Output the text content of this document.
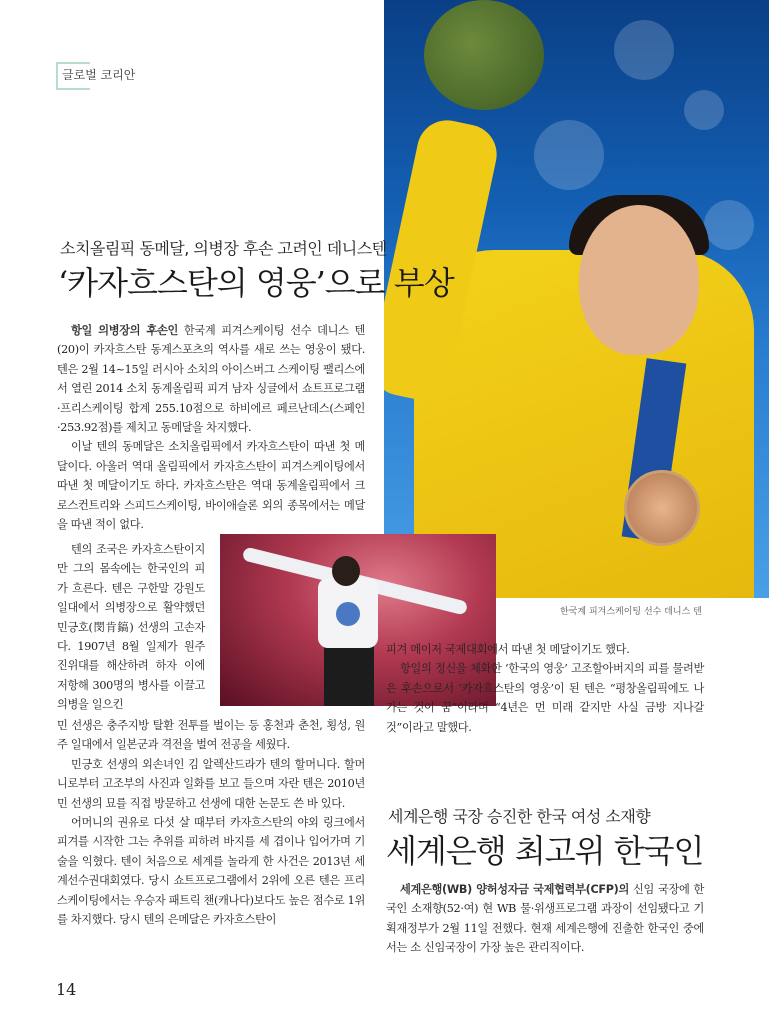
글로벌 코리안
한국계 피겨스케이팅 선수 데니스 텐
소치올림픽 동메달, 의병장 후손 고려인 데니스텐
‘카자흐스탄의 영웅’으로 부상

항일 의병장의 후손인 한국계 피겨스케이팅 선수 데니스 텐(20)이 카자흐스탄 동계스포츠의 역사를 새로 쓰는 영웅이 됐다. 텐은 2월 14~15일 러시아 소치의 아이스버그 스케이팅 팰리스에서 열린 2014 소치 동계올림픽 피겨 남자 싱글에서 쇼트프로그램·프리스케이팅 합계 255.10점으로 하비에르 페르난데스(스페인·253.92점)를 제치고 동메달을 차지했다.

이날 텐의 동메달은 소치올림픽에서 카자흐스탄이 따낸 첫 메달이다. 아울러 역대 올림픽에서 카자흐스탄이 피겨스케이팅에서 따낸 첫 메달이기도 하다. 카자흐스탄은 역대 동계올림픽에서 크로스컨트리와 스피드스케이팅, 바이애슬론 외의 종목에서는 메달을 따낸 적이 없다.

텐의 조국은 카자흐스탄이지만 그의 몸속에는 한국인의 피가 흐른다. 텐은 구한말 강원도 일대에서 의병장으로 활약했던 민긍호(閔肯鎬) 선생의 고손자다. 1907년 8월 일제가 원주 진위대를 해산하려 하자 이에 저항해 300명의 병사를 이끌고 의병을 일으킨

민 선생은 충주지방 탈환 전투를 벌이는 등 홍천과 춘천, 횡성, 원주 일대에서 일본군과 격전을 벌여 전공을 세웠다.

민긍호 선생의 외손녀인 김 알렉산드라가 텐의 할머니다. 할머니로부터 고조부의 사진과 일화를 보고 들으며 자란 텐은 2010년 민 선생의 묘를 직접 방문하고 선생에 대한 논문도 쓴 바 있다.

어머니의 권유로 다섯 살 때부터 카자흐스탄의 야외 링크에서 피겨를 시작한 그는 추위를 피하려 바지를 세 겹이나 입어가며 기술을 익혔다. 텐이 처음으로 세계를 놀라게 한 사건은 2013년 세계선수권대회였다. 당시 쇼트프로그램에서 2위에 오른 텐은 프리스케이팅에서는 우승자 패트릭 챈(캐나다)보다도 높은 점수로 1위를 차지했다. 당시 텐의 은메달은 카자흐스탄이

피겨 메이저 국제대회에서 따낸 첫 메달이기도 했다.

항일의 정신을 체화한 ‘한국의 영웅’ 고조할아버지의 피를 물려받은 후손으로서 ‘카자흐스탄의 영웅’이 된 텐은 “평창올림픽에도 나가는 것이 꿈”이라며 “4년은 먼 미래 같지만 사실 금방 지나갈 것”이라고 말했다.

세계은행 국장 승진한 한국 여성 소재향
세계은행 최고위 한국인

세계은행(WB) 양허성자금 국제협력부(CFP)의 신임 국장에 한국인 소재향(52·여) 현 WB 물·위생프로그램 과장이 선임됐다고 기획재정부가 2월 11일 전했다. 현재 세계은행에 진출한 한국인 중에서는 소 신임국장이 가장 높은 관리직이다.

14
